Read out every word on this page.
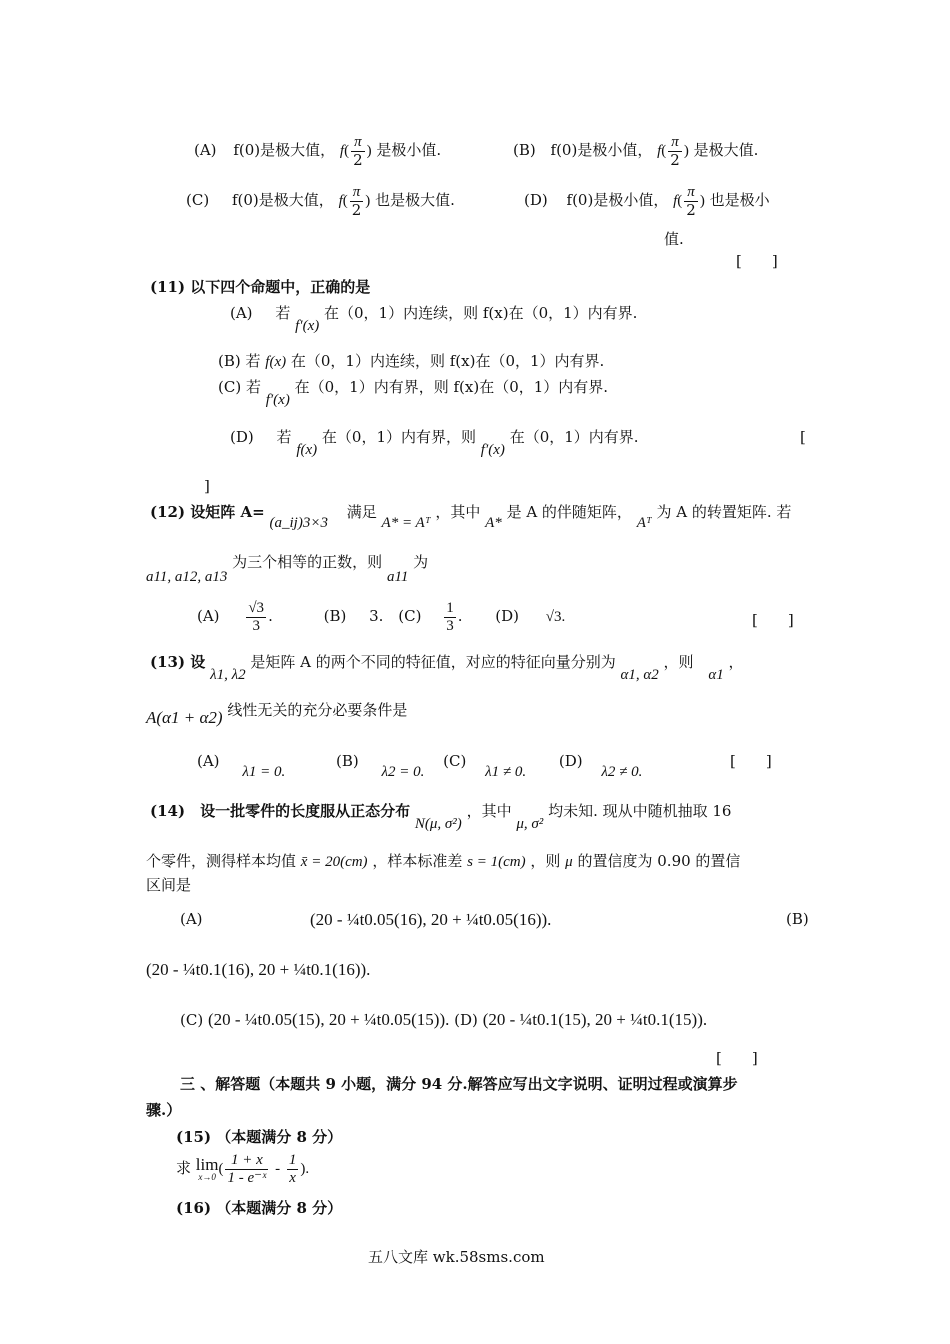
(A) f(0)是极大值， $f( \frac{\pi}{2}$ ) 是极小值.	(B) f(0)是极小值， $f( \frac{\pi}{2}$ ) 是极大值.
(C) f(0)是极大值， $f( \frac{\pi}{2}$ ) 也是极大值.	(D) f(0)是极小值， $f( \frac{\pi}{2}$ ) 也是极小
值.
[　　]
(11) 以下四个命题中，正确的是
(A) 若 f′(x) 在（0，1）内连续，则 f(x)在（0，1）内有界.
(B) 若 f(x) 在（0，1）内连续，则 f(x)在（0，1）内有界.
(C) 若 f′(x) 在（0，1）内有界，则 f(x)在（0，1）内有界.
(D) 若 f(x) 在（0，1）内有界，则 f′(x) 在（0，1）内有界.	[
]
(12) 设矩阵 A= (a_ij)3×3 满足 A* = Aᵀ ，其中 A* 是 A 的伴随矩阵， Aᵀ 为 A 的转置矩阵. 若
a11, a12, a13 为三个相等的正数，则 a11 为
$(A) \frac{√3}{3}$ .	(B) 3. $(C) \frac{1}{3}$ . (D) √3.	[　　]
(13) 设 λ1, λ2 是矩阵 A 的两个不同的特征值，对应的特征向量分别为 α1, α2 ，则 α1 ，
A(α1 + α2) 线性无关的充分必要条件是
(A) λ1 = 0. (B) λ2 = 0. (C) λ1 ≠ 0. (D) λ2 ≠ 0.
[　　]
(14)　设一批零件的长度服从正态分布 N(μ, σ²) ，其中 μ, σ² 均未知. 现从中随机抽取 16
个零件，测得样本均值 x̄ = 20(cm) ，样本标准差 s = 1(cm) ，则 μ 的置信度为 0.90 的置信
区间是
(A)	(20 - ¼t0.05(16), 20 + ¼t0.05(16)).	(B)
(20 - ¼t0.1(16), 20 + ¼t0.1(16)).
(C) (20 - ¼t0.05(15), 20 + ¼t0.05(15)). (D) (20 - ¼t0.1(15), 20 + ¼t0.1(15)).
[　　]
三 、解答题（本题共 9 小题，满分 94 分.解答应写出文字说明、证明过程或演算步
骤.）
(15) （本题满分 8 分）
求 lim
x→0 ( $\frac{1 + x}{\text{1 - e⁻ˣ}} - \frac{1}{x}$ ).
(16) （本题满分 8 分）
五八文库 wk.58sms.com
